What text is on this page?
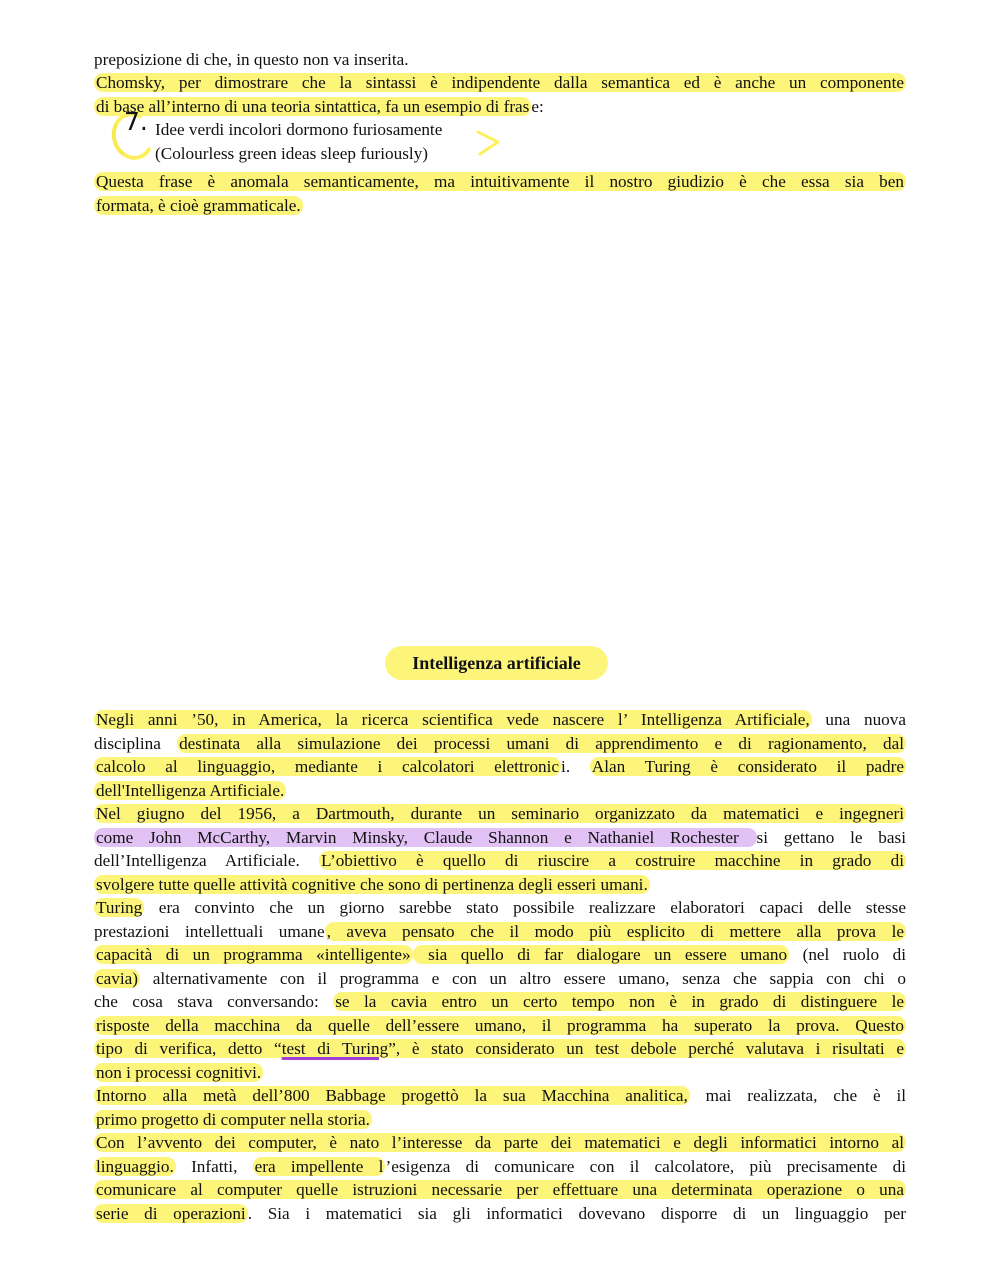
preposizione di che, in questo non va inserita.
Chomsky, per dimostrare che la sintassi è indipendente dalla semantica ed è anche un componente
di base all’interno di una teoria sintattica, fa un esempio di fras e:
7. Idee verdi incolori dormono furiosamente
(Colourless green ideas sleep furiously)
Questa frase è anomala semanticamente, ma intuitivamente il nostro giudizio è che essa sia ben
formata, è cioè grammaticale.
Intelligenza artificiale
Negli anni ’50, in America, la ricerca scientifica vede nascere l’ Intelligenza Artificiale, una nuova
disciplina destinata alla simulazione dei processi umani di apprendimento e di ragionamento, dal
calcolo al linguaggio, mediante i calcolatori elettronic i. Alan Turing è considerato il padre
dell'Intelligenza Artificiale.
Nel giugno del 1956, a Dartmouth, durante un seminario organizzato da matematici e ingegneri
come John McCarthy, Marvin Minsky, Claude Shannon e Nathaniel Rochester si gettano le basi
dell’Intelligenza Artificiale. L’obiettivo è quello di riuscire a costruire macchine in grado di
svolgere tutte quelle attività cognitive che sono di pertinenza degli esseri umani.
Turing era convinto che un giorno sarebbe stato possibile realizzare elaboratori capaci delle stesse
prestazioni intellettuali umane , aveva pensato che il modo più esplicito di mettere alla prova le
capacità di un programma «intelligente» sia quello di far dialogare un essere umano (nel ruolo di
cavia) alternativamente con il programma e con un altro essere umano, senza che sappia con chi o
che cosa stava conversando: se la cavia entro un certo tempo non è in grado di distinguere le
risposte della macchina da quelle dell’essere umano, il programma ha superato la prova. Questo
tipo di verifica, detto “test di Turing”, è stato considerato un test debole perché valutava i risultati e
non i processi cognitivi.
Intorno alla metà dell’800 Babbage progettò la sua Macchina analitica, mai realizzata, che è il
primo progetto di computer nella storia.
Con l’avvento dei computer, è nato l’interesse da parte dei matematici e degli informatici intorno al
linguaggio. Infatti, era impellente l ’esigenza di comunicare con il calcolatore, più precisamente di
comunicare al computer quelle istruzioni necessarie per effettuare una determinata operazione o una
serie di operazioni . Sia i matematici sia gli informatici dovevano disporre di un linguaggio per
